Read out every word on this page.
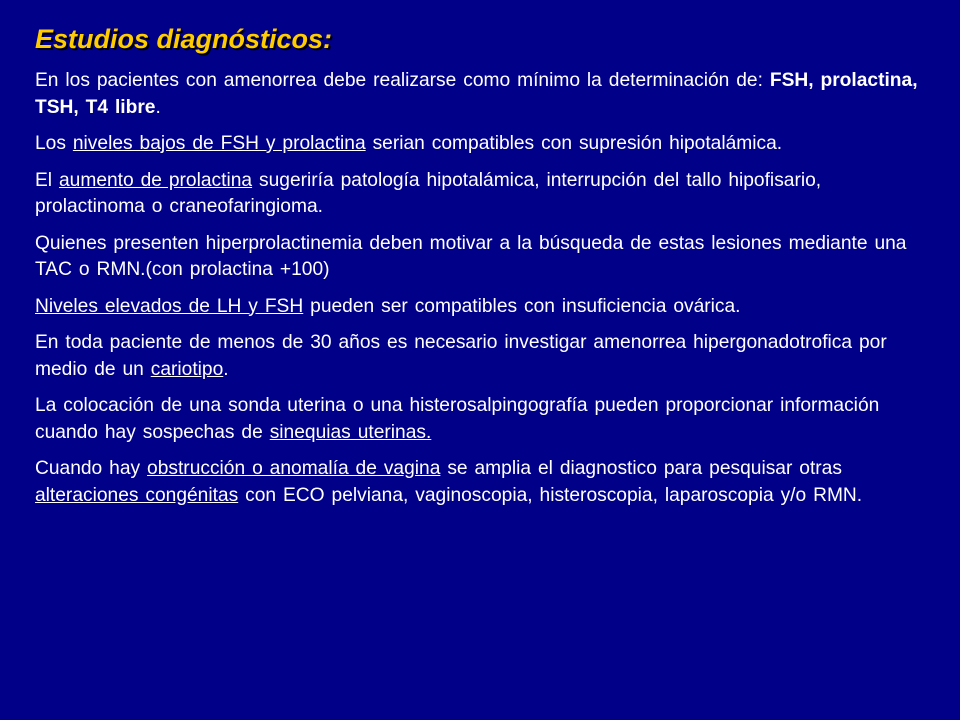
Estudios diagnósticos:

En los pacientes con amenorrea debe realizarse como mínimo la determinación de: FSH, prolactina, TSH, T4 libre.

Los niveles bajos de FSH y prolactina serian compatibles con supresión hipotalámica.

El aumento de prolactina sugeriría patología hipotalámica, interrupción del tallo hipofisario, prolactinoma o craneofaringioma.

Quienes presenten hiperprolactinemia deben motivar a la búsqueda de estas lesiones mediante una TAC o RMN.(con prolactina +100)

Niveles elevados de LH y FSH pueden ser compatibles con insuficiencia ovárica.

En toda paciente de menos de 30 años es necesario investigar amenorrea hipergonadotrofica por medio de un cariotipo.

La colocación de una sonda uterina o una histerosalpingografía pueden proporcionar información cuando hay sospechas de sinequias uterinas.

Cuando hay obstrucción o anomalía de vagina se amplia el diagnostico para pesquisar otras alteraciones congénitas con ECO pelviana, vaginoscopia, histeroscopia, laparoscopia y/o RMN.
